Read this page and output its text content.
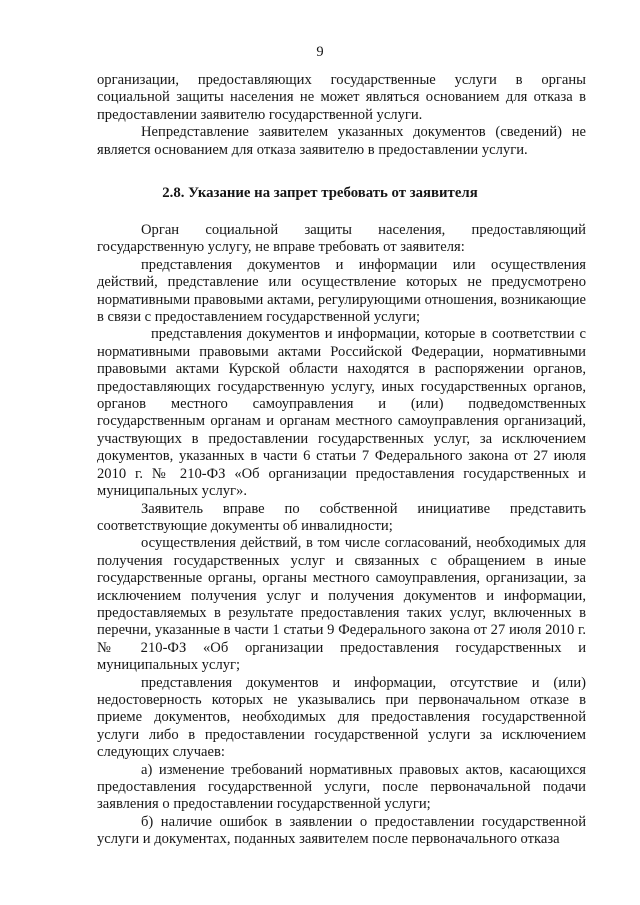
9

организации, предоставляющих государственные услуги в органы социальной защиты населения не может являться основанием для отказа в предоставлении заявителю государственной услуги.

Непредставление заявителем указанных документов (сведений) не является основанием для отказа заявителю в предоставлении услуги.

2.8. Указание на запрет требовать от заявителя

Орган социальной защиты населения, предоставляющий государственную услугу, не вправе требовать от заявителя:

представления документов и информации или осуществления действий, представление или осуществление которых не предусмотрено нормативными правовыми актами, регулирующими отношения, возникающие в связи с предоставлением государственной услуги;

представления документов и информации, которые в соответствии с нормативными правовыми актами Российской Федерации, нормативными правовыми актами Курской области находятся в распоряжении органов, предоставляющих государственную услугу, иных государственных органов, органов местного самоуправления и (или) подведомственных государственным органам и органам местного самоуправления организаций, участвующих в предоставлении государственных услуг, за исключением документов, указанных в части 6 статьи 7 Федерального закона от 27 июля 2010 г. № 210-ФЗ «Об организации предоставления государственных и муниципальных услуг».

Заявитель вправе по собственной инициативе представить соответствующие документы об инвалидности;

осуществления действий, в том числе согласований, необходимых для получения государственных услуг и связанных с обращением в иные государственные органы, органы местного самоуправления, организации, за исключением получения услуг и получения документов и информации, предоставляемых в результате предоставления таких услуг, включенных в перечни, указанные в части 1 статьи 9 Федерального закона от 27 июля 2010 г. № 210-ФЗ «Об организации предоставления государственных и муниципальных услуг;

представления документов и информации, отсутствие и (или) недостоверность которых не указывались при первоначальном отказе в приеме документов, необходимых для предоставления государственной услуги либо в предоставлении государственной услуги за исключением следующих случаев:

а) изменение требований нормативных правовых актов, касающихся предоставления государственной услуги, после первоначальной подачи заявления о предоставлении государственной услуги;

б) наличие ошибок в заявлении о предоставлении государственной услуги и документах, поданных заявителем после первоначального отказа
